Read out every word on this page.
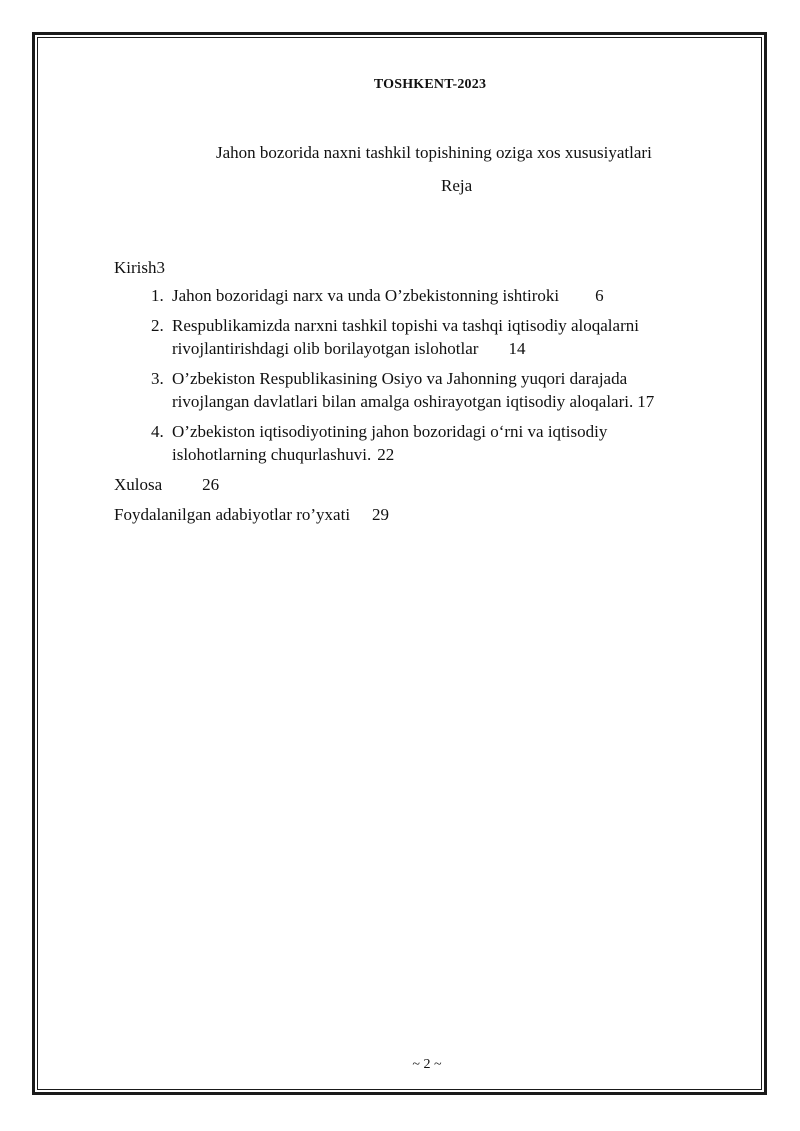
TOSHKENT-2023
Jahon bozorida naxni tashkil topishining oziga xos xususiyatlari
Reja

Kirish3

1. Jahon bozoridagi narx va unda O’zbekistonning ishtiroki 6
2. Respublikamizda narxni tashkil topishi va tashqi iqtisodiy aloqalarni
rivojlantirishdagi olib borilayotgan islohotlar 14
3. O’zbekiston Respublikasining Osiyo va Jahonning yuqori darajada
rivojlangan davlatlari bilan amalga oshirayotgan iqtisodiy aloqalari. 17
4. O’zbekiston iqtisodiyotining jahon bozoridagi o‘rni va iqtisodiy
islohotlarning chuqurlashuvi. 22

Xulosa 26

Foydalanilgan adabiyotlar ro’yxati 29

~ 2 ~
